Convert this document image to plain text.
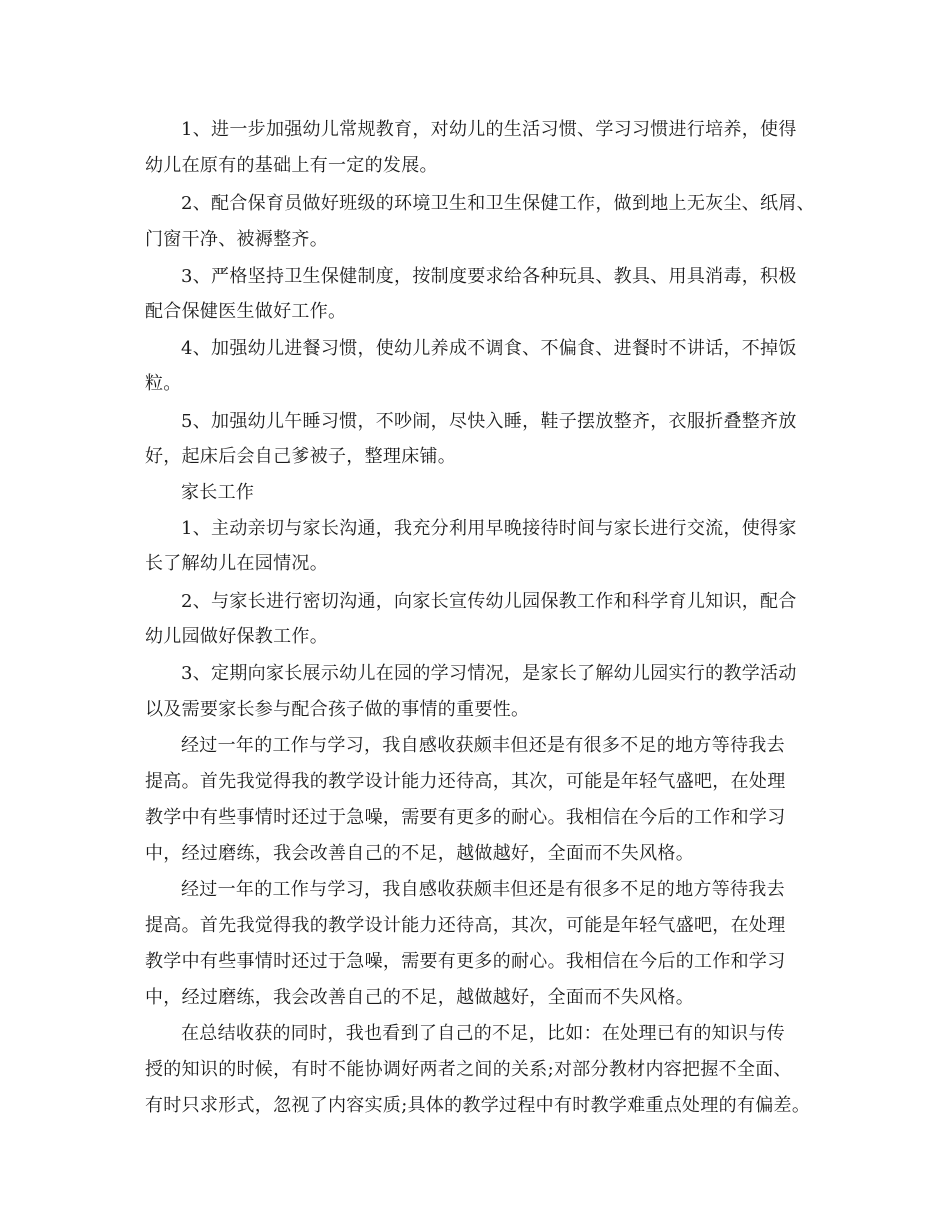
1、进一步加强幼儿常规教育，对幼儿的生活习惯、学习习惯进行培养，使得
幼儿在原有的基础上有一定的发展。
2、配合保育员做好班级的环境卫生和卫生保健工作，做到地上无灰尘、纸屑、
门窗干净、被褥整齐。
3、严格坚持卫生保健制度，按制度要求给各种玩具、教具、用具消毒，积极
配合保健医生做好工作。
4、加强幼儿进餐习惯，使幼儿养成不调食、不偏食、进餐时不讲话，不掉饭
粒。
5、加强幼儿午睡习惯，不吵闹，尽快入睡，鞋子摆放整齐，衣服折叠整齐放
好，起床后会自己爹被子，整理床铺。
家长工作
1、主动亲切与家长沟通，我充分利用早晚接待时间与家长进行交流，使得家
长了解幼儿在园情况。
2、与家长进行密切沟通，向家长宣传幼儿园保教工作和科学育儿知识，配合
幼儿园做好保教工作。
3、定期向家长展示幼儿在园的学习情况，是家长了解幼儿园实行的教学活动
以及需要家长参与配合孩子做的事情的重要性。
经过一年的工作与学习，我自感收获颇丰但还是有很多不足的地方等待我去
提高。首先我觉得我的教学设计能力还待高，其次，可能是年轻气盛吧，在处理
教学中有些事情时还过于急噪，需要有更多的耐心。我相信在今后的工作和学习
中，经过磨练，我会改善自己的不足，越做越好，全面而不失风格。
经过一年的工作与学习，我自感收获颇丰但还是有很多不足的地方等待我去
提高。首先我觉得我的教学设计能力还待高，其次，可能是年轻气盛吧，在处理
教学中有些事情时还过于急噪，需要有更多的耐心。我相信在今后的工作和学习
中，经过磨练，我会改善自己的不足，越做越好，全面而不失风格。
在总结收获的同时，我也看到了自己的不足，比如：在处理已有的知识与传
授的知识的时候，有时不能协调好两者之间的关系;对部分教材内容把握不全面、
有时只求形式，忽视了内容实质;具体的教学过程中有时教学难重点处理的有偏差。
